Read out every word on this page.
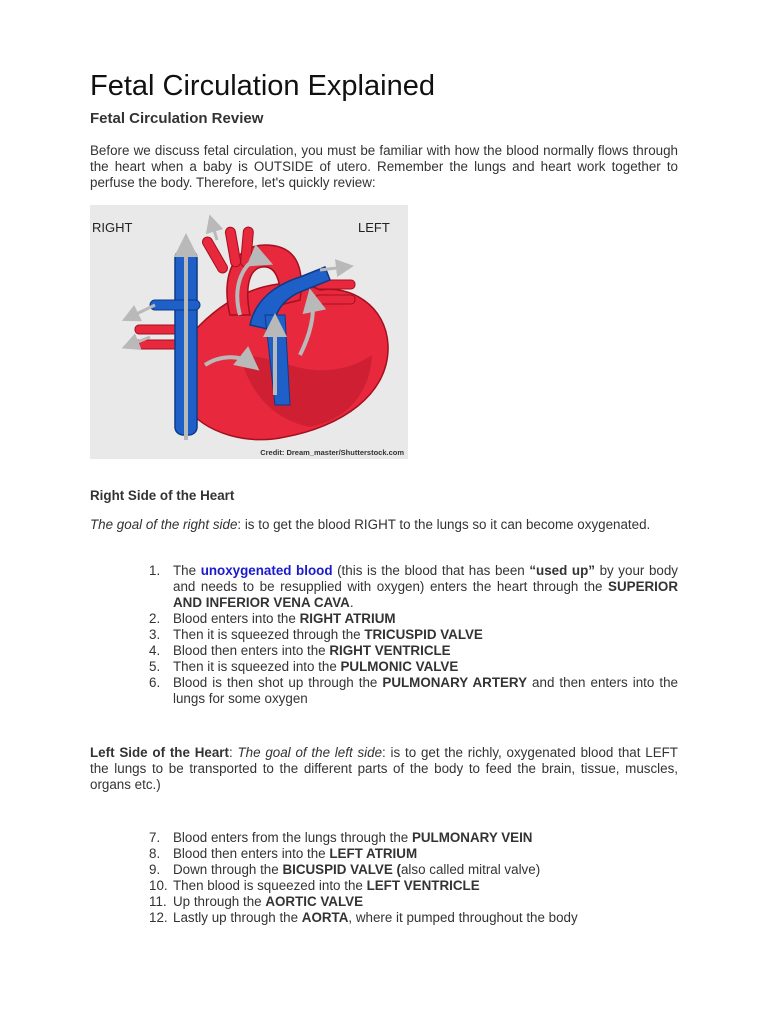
Fetal Circulation Explained
Fetal Circulation Review

Before we discuss fetal circulation, you must be familiar with how the blood normally flows through the heart when a baby is OUTSIDE of utero. Remember the lungs and heart work together to perfuse the body. Therefore, let's quickly review:

RIGHT	LEFT
Credit: Dream_master/Shutterstock.com

Right Side of the Heart

The goal of the right side: is to get the blood RIGHT to the lungs so it can become oxygenated.

1. The unoxygenated blood (this is the blood that has been “used up” by your body and needs to be resupplied with oxygen) enters the heart through the SUPERIOR AND INFERIOR VENA CAVA.
2. Blood enters into the RIGHT ATRIUM
3. Then it is squeezed through the TRICUSPID VALVE
4. Blood then enters into the RIGHT VENTRICLE
5. Then it is squeezed into the PULMONIC VALVE
6. Blood is then shot up through the PULMONARY ARTERY and then enters into the lungs for some oxygen

Left Side of the Heart: The goal of the left side: is to get the richly, oxygenated blood that LEFT the lungs to be transported to the different parts of the body to feed the brain, tissue, muscles, organs etc.)

7. Blood enters from the lungs through the PULMONARY VEIN
8. Blood then enters into the LEFT ATRIUM
9. Down through the BICUSPID VALVE (also called mitral valve)
10. Then blood is squeezed into the LEFT VENTRICLE
11. Up through the AORTIC VALVE
12. Lastly up through the AORTA, where it pumped throughout the body
